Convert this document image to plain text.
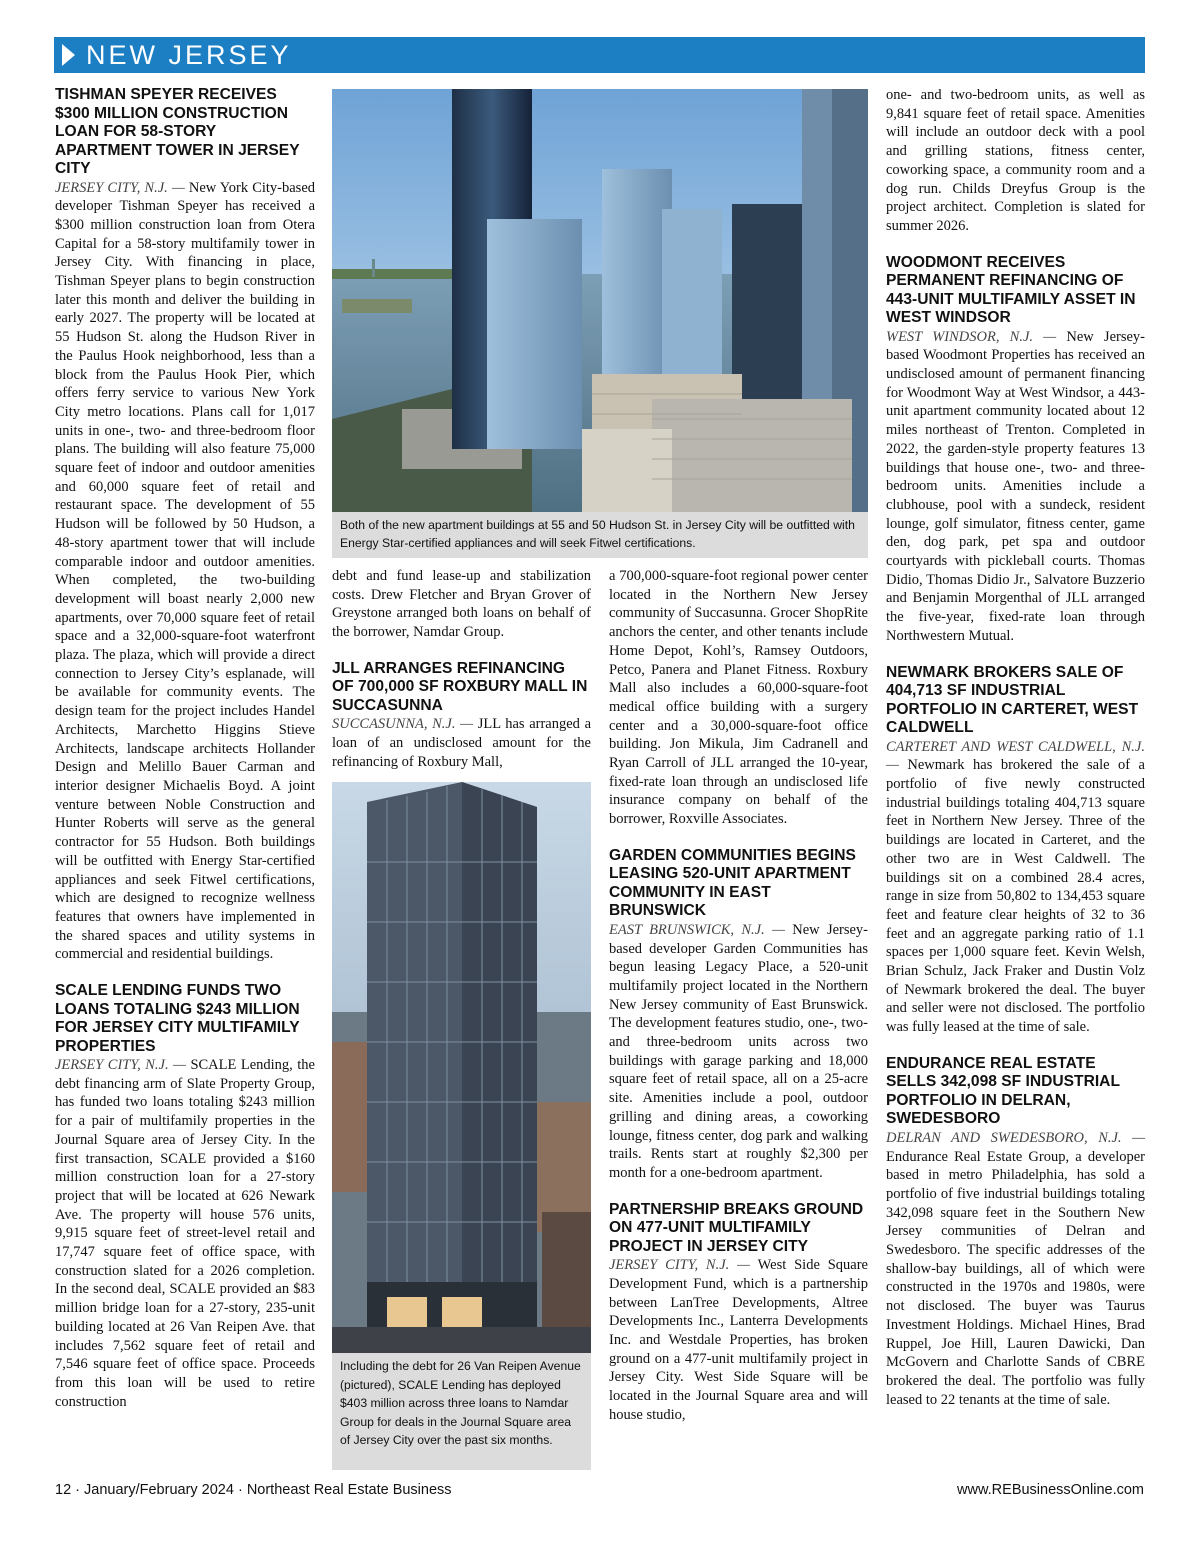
NEW JERSEY
TISHMAN SPEYER RECEIVES $300 MILLION CONSTRUCTION LOAN FOR 58-STORY APARTMENT TOWER IN JERSEY CITY

JERSEY CITY, N.J. — New York City-based developer Tishman Speyer has received a $300 million construction loan from Otera Capital for a 58-story multifamily tower in Jersey City. With financing in place, Tishman Speyer plans to begin construction later this month and deliver the building in early 2027. The property will be located at 55 Hudson St. along the Hudson River in the Paulus Hook neighborhood, less than a block from the Paulus Hook Pier, which offers ferry service to various New York City metro locations. Plans call for 1,017 units in one-, two- and three-bedroom floor plans. The building will also feature 75,000 square feet of indoor and outdoor amenities and 60,000 square feet of retail and restaurant space. The development of 55 Hudson will be followed by 50 Hudson, a 48-story apartment tower that will include comparable indoor and outdoor amenities. When completed, the two-building development will boast nearly 2,000 new apartments, over 70,000 square feet of retail space and a 32,000-square-foot waterfront plaza. The plaza, which will provide a direct connection to Jersey City’s esplanade, will be available for community events. The design team for the project includes Handel Architects, Marchetto Higgins Stieve Architects, landscape architects Hollander Design and Melillo Bauer Carman and interior designer Michaelis Boyd. A joint venture between Noble Construction and Hunter Roberts will serve as the general contractor for 55 Hudson. Both buildings will be outfitted with Energy Star-certified appliances and seek Fitwel certifications, which are designed to recognize wellness features that owners have implemented in the shared spaces and utility systems in commercial and residential buildings.

SCALE LENDING FUNDS TWO LOANS TOTALING $243 MILLION FOR JERSEY CITY MULTIFAMILY PROPERTIES

JERSEY CITY, N.J. — SCALE Lending, the debt financing arm of Slate Property Group, has funded two loans totaling $243 million for a pair of multifamily properties in the Journal Square area of Jersey City. In the first transaction, SCALE provided a $160 million construction loan for a 27-story project that will be located at 626 Newark Ave. The property will house 576 units, 9,915 square feet of street-level retail and 17,747 square feet of office space, with construction slated for a 2026 completion. In the second deal, SCALE provided an $83 million bridge loan for a 27-story, 235-unit building located at 26 Van Reipen Ave. that includes 7,562 square feet of retail and 7,546 square feet of office space. Proceeds from this loan will be used to retire construction

Both of the new apartment buildings at 55 and 50 Hudson St. in Jersey City will be outfitted with Energy Star-certified appliances and will seek Fitwel certifications.

debt and fund lease-up and stabilization costs. Drew Fletcher and Bryan Grover of Greystone arranged both loans on behalf of the borrower, Namdar Group.

JLL ARRANGES REFINANCING OF 700,000 SF ROXBURY MALL IN SUCCASUNNA

SUCCASUNNA, N.J. — JLL has arranged a loan of an undisclosed amount for the refinancing of Roxbury Mall,

Including the debt for 26 Van Reipen Avenue (pictured), SCALE Lending has deployed $403 million across three loans to Namdar Group for deals in the Journal Square area of Jersey City over the past six months.

a 700,000-square-foot regional power center located in the Northern New Jersey community of Succasunna. Grocer ShopRite anchors the center, and other tenants include Home Depot, Kohl’s, Ramsey Outdoors, Petco, Panera and Planet Fitness. Roxbury Mall also includes a 60,000-square-foot medical office building with a surgery center and a 30,000-square-foot office building. Jon Mikula, Jim Cadranell and Ryan Carroll of JLL arranged the 10-year, fixed-rate loan through an undisclosed life insurance company on behalf of the borrower, Roxville Associates.

GARDEN COMMUNITIES BEGINS LEASING 520-UNIT APARTMENT COMMUNITY IN EAST BRUNSWICK

EAST BRUNSWICK, N.J. — New Jersey-based developer Garden Communities has begun leasing Legacy Place, a 520-unit multifamily project located in the Northern New Jersey community of East Brunswick. The development features studio, one-, two- and three-bedroom units across two buildings with garage parking and 18,000 square feet of retail space, all on a 25-acre site. Amenities include a pool, outdoor grilling and dining areas, a coworking lounge, fitness center, dog park and walking trails. Rents start at roughly $2,300 per month for a one-bedroom apartment.

PARTNERSHIP BREAKS GROUND ON 477-UNIT MULTIFAMILY PROJECT IN JERSEY CITY

JERSEY CITY, N.J. — West Side Square Development Fund, which is a partnership between LanTree Developments, Altree Developments Inc., Lanterra Developments Inc. and Westdale Properties, has broken ground on a 477-unit multifamily project in Jersey City. West Side Square will be located in the Journal Square area and will house studio,

one- and two-bedroom units, as well as 9,841 square feet of retail space. Amenities will include an outdoor deck with a pool and grilling stations, fitness center, coworking space, a community room and a dog run. Childs Dreyfus Group is the project architect. Completion is slated for summer 2026.

WOODMONT RECEIVES PERMANENT REFINANCING OF 443-UNIT MULTIFAMILY ASSET IN WEST WINDSOR

WEST WINDSOR, N.J. — New Jersey-based Woodmont Properties has received an undisclosed amount of permanent financing for Woodmont Way at West Windsor, a 443-unit apartment community located about 12 miles northeast of Trenton. Completed in 2022, the garden-style property features 13 buildings that house one-, two- and three-bedroom units. Amenities include a clubhouse, pool with a sundeck, resident lounge, golf simulator, fitness center, game den, dog park, pet spa and outdoor courtyards with pickleball courts. Thomas Didio, Thomas Didio Jr., Salvatore Buzzerio and Benjamin Morgenthal of JLL arranged the five-year, fixed-rate loan through Northwestern Mutual.

NEWMARK BROKERS SALE OF 404,713 SF INDUSTRIAL PORTFOLIO IN CARTERET, WEST CALDWELL

CARTERET AND WEST CALDWELL, N.J. — Newmark has brokered the sale of a portfolio of five newly constructed industrial buildings totaling 404,713 square feet in Northern New Jersey. Three of the buildings are located in Carteret, and the other two are in West Caldwell. The buildings sit on a combined 28.4 acres, range in size from 50,802 to 134,453 square feet and feature clear heights of 32 to 36 feet and an aggregate parking ratio of 1.1 spaces per 1,000 square feet. Kevin Welsh, Brian Schulz, Jack Fraker and Dustin Volz of Newmark brokered the deal. The buyer and seller were not disclosed. The portfolio was fully leased at the time of sale.

ENDURANCE REAL ESTATE SELLS 342,098 SF INDUSTRIAL PORTFOLIO IN DELRAN, SWEDESBORO

DELRAN AND SWEDESBORO, N.J. — Endurance Real Estate Group, a developer based in metro Philadelphia, has sold a portfolio of five industrial buildings totaling 342,098 square feet in the Southern New Jersey communities of Delran and Swedesboro. The specific addresses of the shallow-bay buildings, all of which were constructed in the 1970s and 1980s, were not disclosed. The buyer was Taurus Investment Holdings. Michael Hines, Brad Ruppel, Joe Hill, Lauren Dawicki, Dan McGovern and Charlotte Sands of CBRE brokered the deal. The portfolio was fully leased to 22 tenants at the time of sale.

12 · January/February 2024 · Northeast Real Estate Business	www.REBusinessOnline.com
